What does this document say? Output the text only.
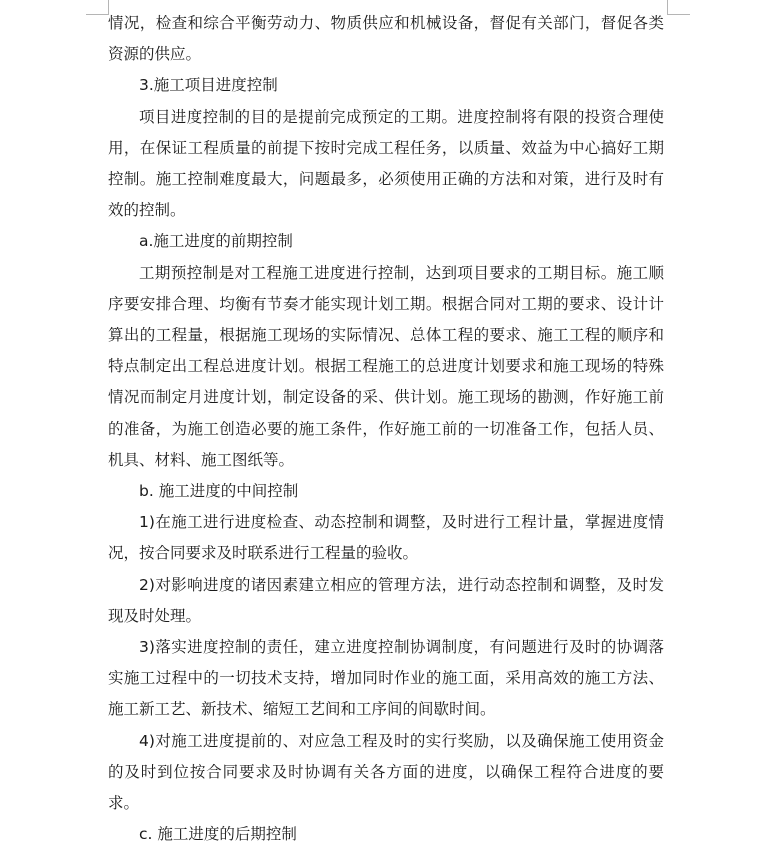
情况，检查和综合平衡劳动力、物质供应和机械设备，督促有关部门，督促各类资源的供应。

3.施工项目进度控制

项目进度控制的目的是提前完成预定的工期。进度控制将有限的投资合理使用，在保证工程质量的前提下按时完成工程任务，以质量、效益为中心搞好工期控制。施工控制难度最大，问题最多，必须使用正确的方法和对策，进行及时有效的控制。

a.施工进度的前期控制

工期预控制是对工程施工进度进行控制，达到项目要求的工期目标。施工顺序要安排合理、均衡有节奏才能实现计划工期。根据合同对工期的要求、设计计算出的工程量，根据施工现场的实际情况、总体工程的要求、施工工程的顺序和特点制定出工程总进度计划。根据工程施工的总进度计划要求和施工现场的特殊情况而制定月进度计划，制定设备的采、供计划。施工现场的勘测，作好施工前的准备，为施工创造必要的施工条件，作好施工前的一切准备工作，包括人员、机具、材料、施工图纸等。

b. 施工进度的中间控制

1)在施工进行进度检查、动态控制和调整，及时进行工程计量，掌握进度情况，按合同要求及时联系进行工程量的验收。

2)对影响进度的诸因素建立相应的管理方法，进行动态控制和调整，及时发现及时处理。

3)落实进度控制的责任，建立进度控制协调制度，有问题进行及时的协调落实施工过程中的一切技术支持，增加同时作业的施工面，采用高效的施工方法、施工新工艺、新技术、缩短工艺间和工序间的间歇时间。

4)对施工进度提前的、对应急工程及时的实行奖励，以及确保施工使用资金的及时到位按合同要求及时协调有关各方面的进度，以确保工程符合进度的要求。

c. 施工进度的后期控制
